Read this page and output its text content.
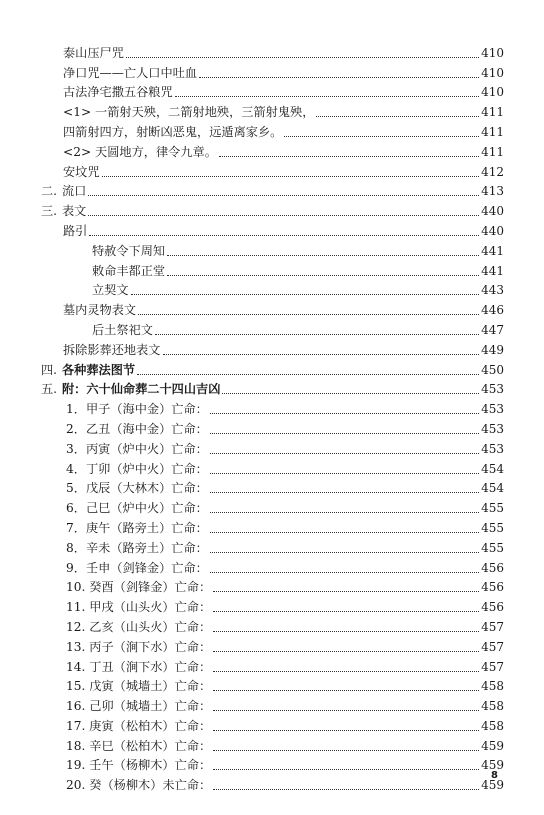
泰山压尸咒	410
净口咒——亡人口中吐血	410
古法净宅撒五谷粮咒	410
<1> 一箭射天殃，二箭射地殃，三箭射鬼殃，	411
四箭射四方，射断凶恶鬼，远遁离家乡。	411
<2> 天圆地方，律令九章。	411
安坟咒	412
二. 流口	413
三. 表文	440
路引	440
特赦令下周知	441
敕命丰都正堂	441
立契文	443
墓内灵物表文	446
后土祭祀文	447
拆除影葬还地表文	449
四. 各种葬法图节	450
五. 附：六十仙命葬二十四山吉凶	453
1．甲子（海中金）亡命：	453
2．乙丑（海中金）亡命：	453
3．丙寅（炉中火）亡命：	453
4．丁卯（炉中火）亡命：	454
5．戊辰（大林木）亡命：	454
6．己巳（炉中火）亡命：	455
7．庚午（路旁土）亡命：	455
8．辛未（路旁土）亡命：	455
9．壬申（剑锋金）亡命：	456
10. 癸酉（剑锋金）亡命：	456
11. 甲戌（山头火）亡命：	456
12. 乙亥（山头火）亡命：	457
13. 丙子（涧下水）亡命：	457
14. 丁丑（涧下水）亡命：	457
15. 戊寅（城墙土）亡命：	458
16. 己卯（城墙土）亡命：	458
17. 庚寅（松柏木）亡命：	458
18. 辛巳（松柏木）亡命：	459
19. 壬午（杨柳木）亡命：	459
20. 癸（杨柳木）未亡命：	459
8
